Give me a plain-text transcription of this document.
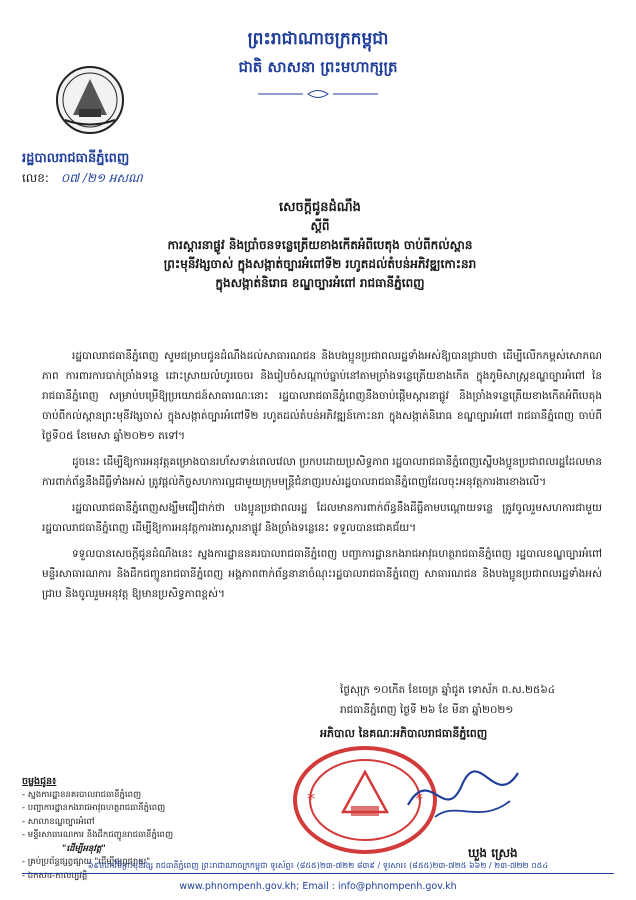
ព្រះរាជាណាចក្រកម្ពុជា
ជាតិ សាសនា ព្រះមហាក្សត្រ
រដ្ឋបាលរាជធានីភ្នំពេញ
លេខ: ០៧ /២១ អសណ
សេចក្ដីជូនដំណឹង
ស្ដីពី
ការស្ដារនាផ្លូវ និងប្រាំចនទន្លេត្រើយខាងកើតអំពីបេតុង ចាប់ពីកល់ស្ពាន
ព្រះមុនីវង្សចាស់ ក្នុងសង្កាត់ច្បារអំពៅទី២ រហូតដល់តំបន់អភិវឌ្ឍកោះនរា
ក្នុងសង្កាត់និរោធ ខណ្ឌច្បារអំពៅ រាជធានីភ្នំពេញ

រដ្ឋបាលរាជធានីភ្នំពេញ សូមជម្រាបជូនដំណឹងដល់សាធារណជន និងបងប្អូនប្រជាពលរដ្ឋទាំងអស់ឱ្យបានជ្រាបថា ដើម្បីលើកកម្ពស់សោភណភាព ការពារការបាក់ច្រាំងទន្លេ ដោះស្រាយលំហូរចេចរ និងរៀបចំសណ្ដាប់ធ្នាប់នៅតាមច្រាំងទន្លេត្រើយខាងកើត ក្នុងភូមិសាស្ត្រខណ្ឌច្បារអំពៅ នៃរាជធានីភ្នំពេញ សម្រាប់បម្រើឱ្យប្រយោជន៍សាធារណៈនោះ រដ្ឋបាលរាជធានីភ្នំពេញនឹងចាប់ផ្ដើមស្ដារនាផ្លូវ និងច្រាំងទន្លេត្រើយខាងកើតអំពីបេតុង ចាប់ពីកល់ស្ពានព្រះមុនីវង្សចាស់ ក្នុងសង្កាត់ច្បារអំពៅទី២ រហូតដល់តំបន់អភិវឌ្ឍន៍កោះនរា ក្នុងសង្កាត់និរោធ ខណ្ឌច្បារអំពៅ រាជធានីភ្នំពេញ ចាប់ពីថ្ងៃទី០៥ ខែមេសា ឆ្នាំ២០២១ តទៅ។

ដូចនេះ ដើម្បីឱ្យការអនុវត្តគម្រោងបានរហ័សទាន់ពេលវេលា ប្រកបដោយប្រសិទ្ធភាព រដ្ឋបាលរាជធានីភ្នំពេញស្នើបងប្អូនប្រជាពលរដ្ឋដែលមានការពាក់ព័ន្ធនឹងដីធ្លីទាំងអស់ ត្រូវផ្ដល់កិច្ចសហការល្អជាមួយក្រុមមន្ត្រីជំនាញរបស់រដ្ឋបាលរាជធានីភ្នំពេញដែលចុះអនុវត្តការងារខាងលើ។

រដ្ឋបាលរាជធានីភ្នំពេញសង្ឃឹមជឿជាក់ថា បងប្អូនប្រជាពលរដ្ឋ ដែលមានការពាក់ព័ន្ធនឹងដីធ្លីតាមបណ្ដោយទន្លេ ត្រូវចូលរួមសហការជាមួយរដ្ឋបាលរាជធានីភ្នំពេញ ដើម្បីឱ្យការអនុវត្តការងារស្ដារនាផ្លូវ និងច្រាំងទន្លេនេះ ទទួលបានជោគជ័យ។

ទទួលបានសេចក្ដីជូនដំណឹងនេះ ស្នងការដ្ឋាននគរបាលរាជធានីភ្នំពេញ បញ្ជាការដ្ឋានកងរាជអាវុធហត្ថរាជធានីភ្នំពេញ រដ្ឋបាលខណ្ឌច្បារអំពៅ មន្ទីរសាធារណការ និងដឹកជញ្ជូនរាជធានីភ្នំពេញ អង្គភាពពាក់ព័ន្ធនានាចំណុះរដ្ឋបាលរាជធានីភ្នំពេញ សាធារណជន និងបងប្អូនប្រជាពលរដ្ឋទាំងអស់ជ្រាប និងចូលរួមអនុវត្ត ឱ្យមានប្រសិទ្ធភាពខ្ពស់។

ថ្ងៃសុក្រ ១០កើត ខែចេត្រ ឆ្នាំជូត ទោស័ក ព.ស.២៥៦៤
រាជធានីភ្នំពេញ ថ្ងៃទី ២៦ ខែ មីនា ឆ្នាំ២០២១
អភិបាល នៃគណៈអភិបាលរាជធានីភ្នំពេញ
*	*
ឃួង ស្រេង
ចម្លងជូន៖
- ស្នងការដ្ឋាននគរបាលរាជធានីភ្នំពេញ
- បញ្ជាការដ្ឋានកងរាជអាវុធហត្ថរាជធានីភ្នំពេញ
- សាលាខណ្ឌច្បារអំពៅ
- មន្ទីរសាធារណការ និងដឹកជញ្ជូនរាជធានីភ្នំពេញ
"ដើម្បីអនុវត្ត"
- គ្រប់ប្រព័ន្ធផ្សព្វផ្សាយ "ដើម្បីផ្សព្វផ្សាយ"
- ឯកសារ-កាលប្បវត្តិ
៦៩មហាវិថីព្រះមុនីវង្ស រាជធានីភ្នំពេញ ព្រះរាជាណាចក្រកម្ពុជា ទូរស័ព្ទ៖ (៨៥៥)២៣-៧២២ ៨៣៩ / ទូរសារ៖ (៨៥៥)២៣-៧២៥ ៦៦២ / ២៣-៧២២ ០៥៤
www.phnompenh.gov.kh; Email : info@phnompenh.gov.kh
